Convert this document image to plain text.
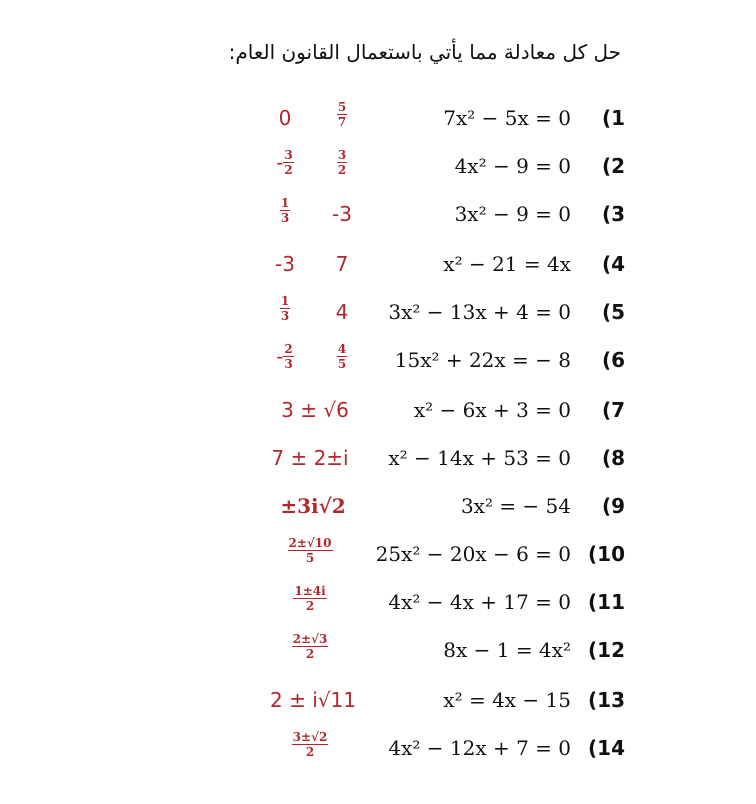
حل كل معادلة مما يأتي باستعمال القانون العام:
(1
7x² − 5x = 0
$\frac{5}{7}$
0
(2
4x² − 9 = 0
$\frac{3}{2}$
- $\frac{3}{2}$
(3
3x² − 9 = 0
-3
$\frac{1}{3}$
(4
x² − 21 = 4x
7
-3
(5
3x² − 13x + 4 = 0
4
$\frac{1}{3}$
(6
15x² + 22x = − 8
$\frac{4}{5}$
- $\frac{2}{3}$
(7
x² − 6x + 3 = 0
3 ± √6
(8
x² − 14x + 53 = 0
7 ± 2±i
(9
3x² = − 54
±3i√2
(10
25x² − 20x − 6 = 0
$\frac{2\pm√10}{5}$
(11
4x² − 4x + 17 = 0
$\frac{1\pm 4i}{2}$
(12
8x − 1 = 4x²
$\frac{2\pm√3}{2}$
(13
x² = 4x − 15
2 ± i√11
(14
4x² − 12x + 7 = 0
$\frac{3\pm√2}{2}$
